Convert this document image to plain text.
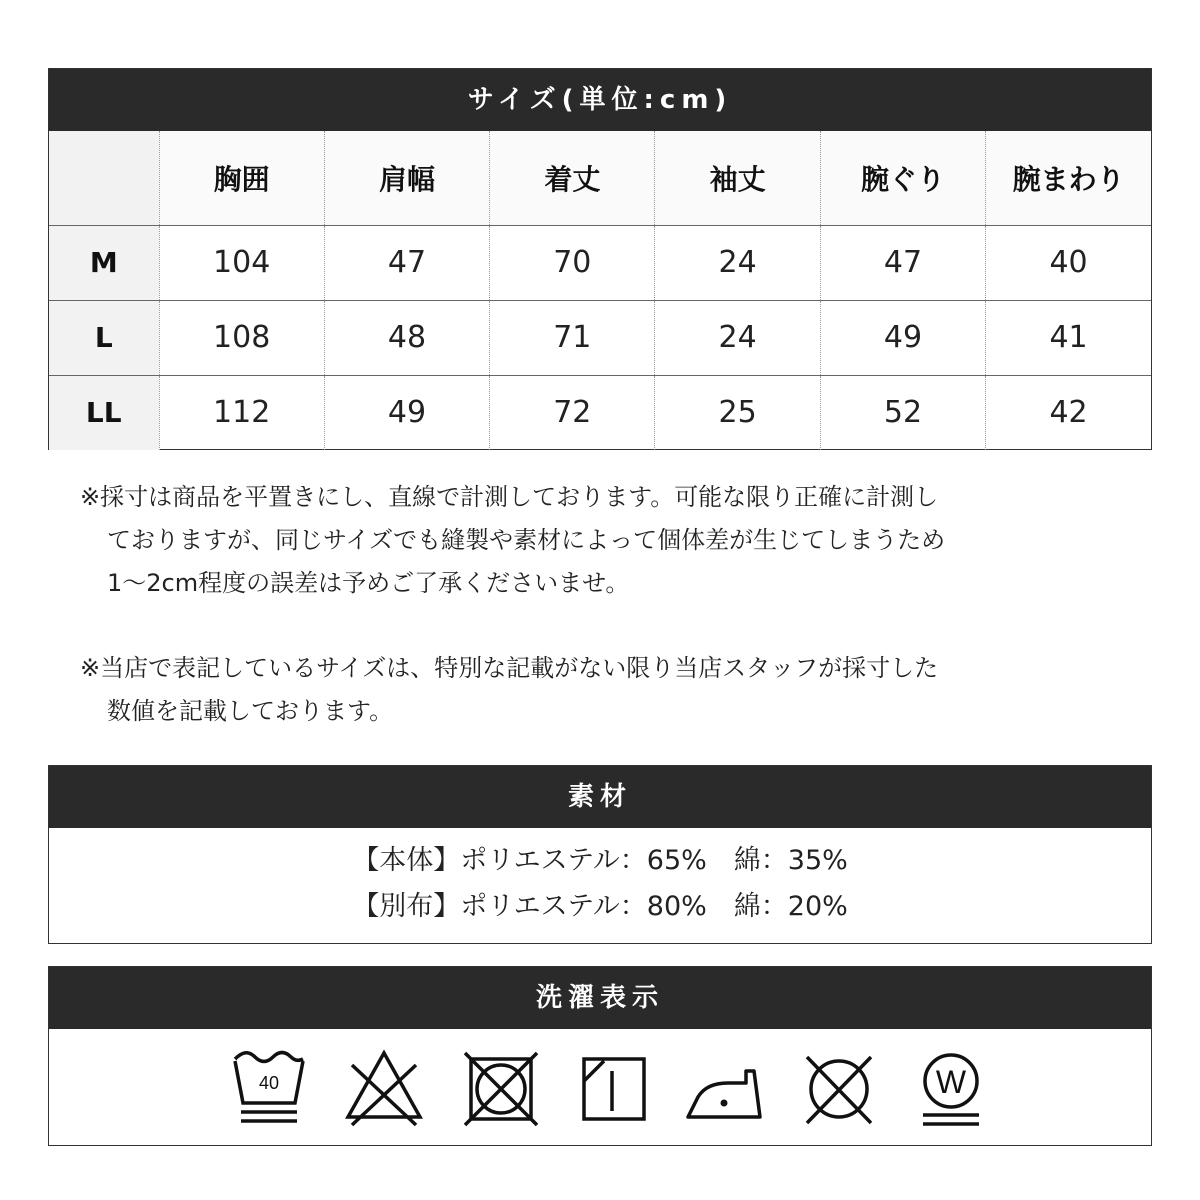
サイズ(単位:cm)
	胸囲	肩幅	着丈	袖丈	腕ぐり	腕まわり
M	104	47	70	24	47	40
L	108	48	71	24	49	41
LL	112	49	72	25	52	42
※採寸は商品を平置きにし、直線で計測しております。可能な限り正確に計測し
ておりますが、同じサイズでも縫製や素材によって個体差が生じてしまうため
1～2cm程度の誤差は予めご了承くださいませ。
※当店で表記しているサイズは、特別な記載がない限り当店スタッフが採寸した
数値を記載しております。
素材
【本体】ポリエステル：65%　綿：35%
【別布】ポリエステル：80%　綿：20%
洗濯表示
40	W
